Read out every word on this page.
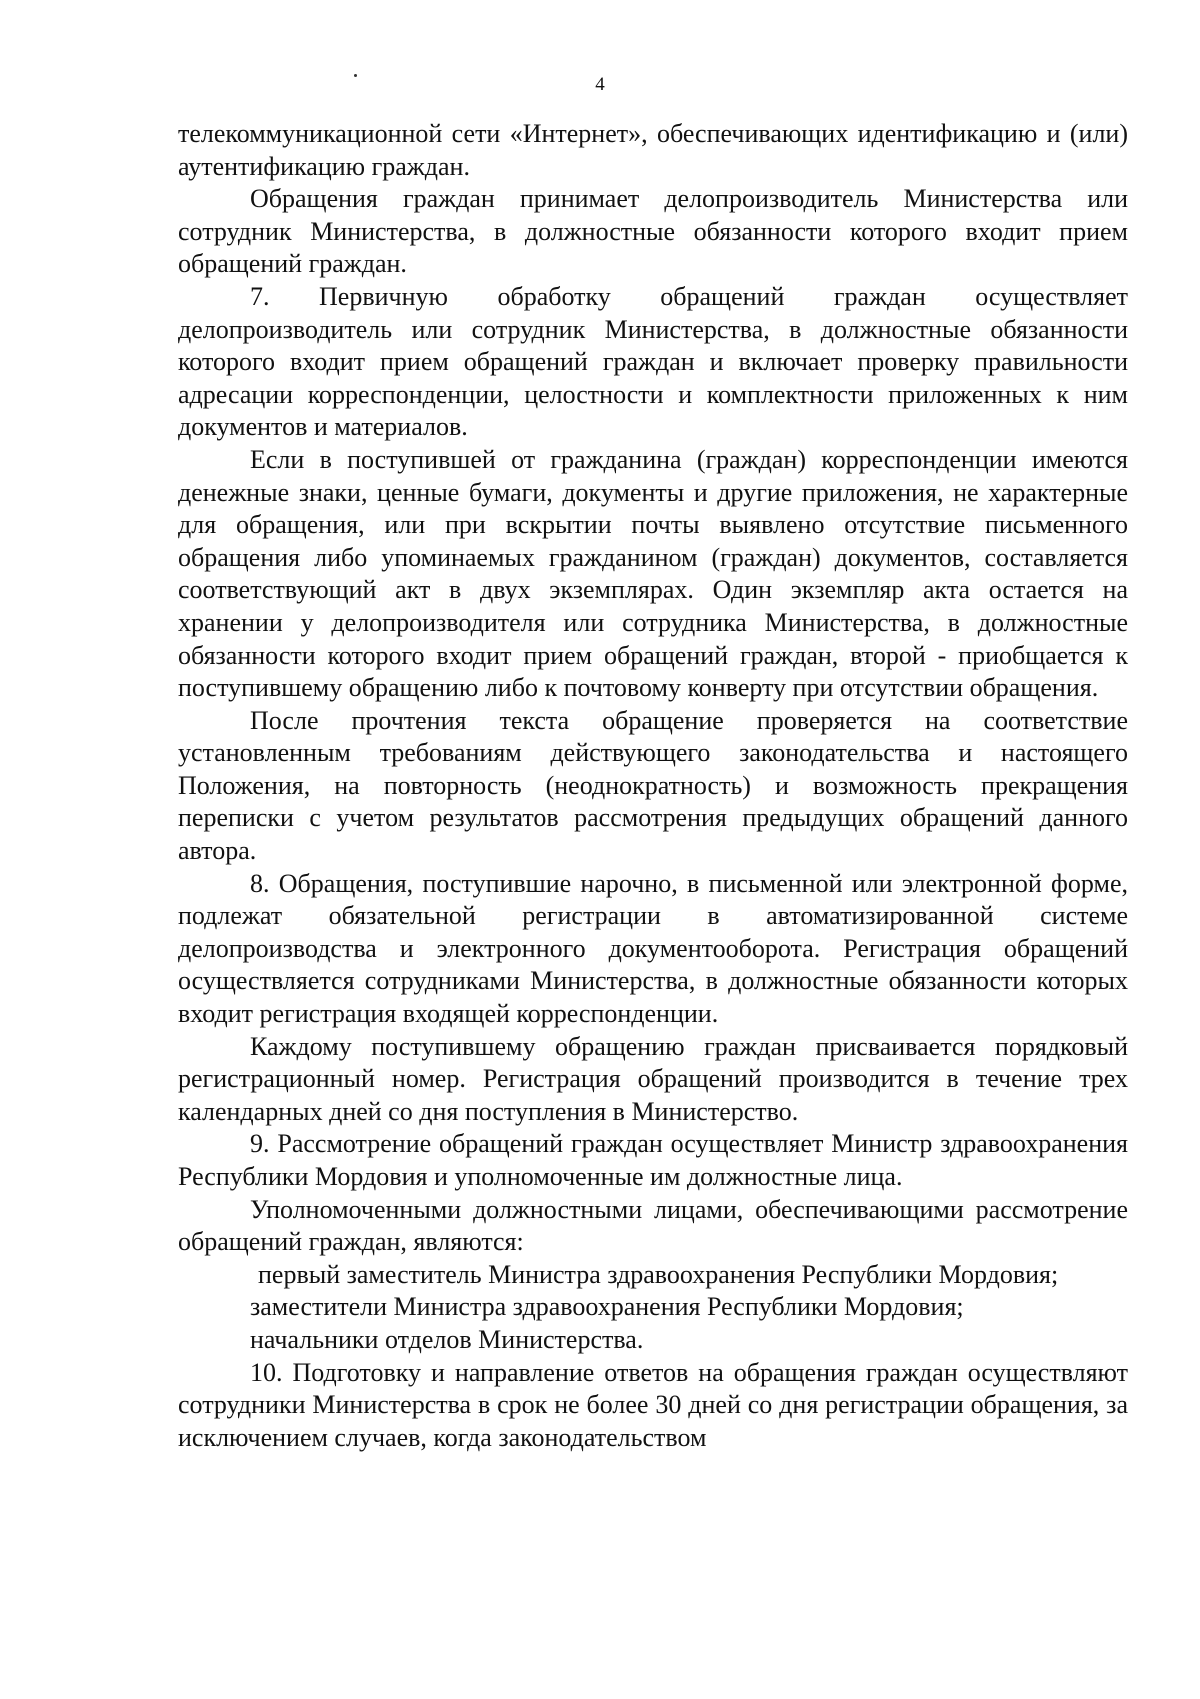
4

телекоммуникационной сети «Интернет», обеспечивающих идентификацию и (или) аутентификацию граждан.

Обращения граждан принимает делопроизводитель Министерства или сотрудник Министерства, в должностные обязанности которого входит прием обращений граждан.

7. Первичную обработку обращений граждан осуществляет делопроизводитель или сотрудник Министерства, в должностные обязанности которого входит прием обращений граждан и включает проверку правильности адресации корреспонденции, целостности и комплектности приложенных к ним документов и материалов.

Если в поступившей от гражданина (граждан) корреспонденции имеются денежные знаки, ценные бумаги, документы и другие приложения, не характерные для обращения, или при вскрытии почты выявлено отсутствие письменного обращения либо упоминаемых гражданином (граждан) документов, составляется соответствующий акт в двух экземплярах. Один экземпляр акта остается на хранении у делопроизводителя или сотрудника Министерства, в должностные обязанности которого входит прием обращений граждан, второй - приобщается к поступившему обращению либо к почтовому конверту при отсутствии обращения.

После прочтения текста обращение проверяется на соответствие установленным требованиям действующего законодательства и настоящего Положения, на повторность (неоднократность) и возможность прекращения переписки с учетом результатов рассмотрения предыдущих обращений данного автора.

8. Обращения, поступившие нарочно, в письменной или электронной форме, подлежат обязательной регистрации в автоматизированной системе делопроизводства и электронного документооборота. Регистрация обращений осуществляется сотрудниками Министерства, в должностные обязанности которых входит регистрация входящей корреспонденции.

Каждому поступившему обращению граждан присваивается порядковый регистрационный номер. Регистрация обращений производится в течение трех календарных дней со дня поступления в Министерство.

9. Рассмотрение обращений граждан осуществляет Министр здравоохранения Республики Мордовия и уполномоченные им должностные лица.

Уполномоченными должностными лицами, обеспечивающими рассмотрение обращений граждан, являются:

первый заместитель Министра здравоохранения Республики Мордовия;

заместители Министра здравоохранения Республики Мордовия;

начальники отделов Министерства.

10. Подготовку и направление ответов на обращения граждан осуществляют сотрудники Министерства в срок не более 30 дней со дня регистрации обращения, за исключением случаев, когда законодательством
